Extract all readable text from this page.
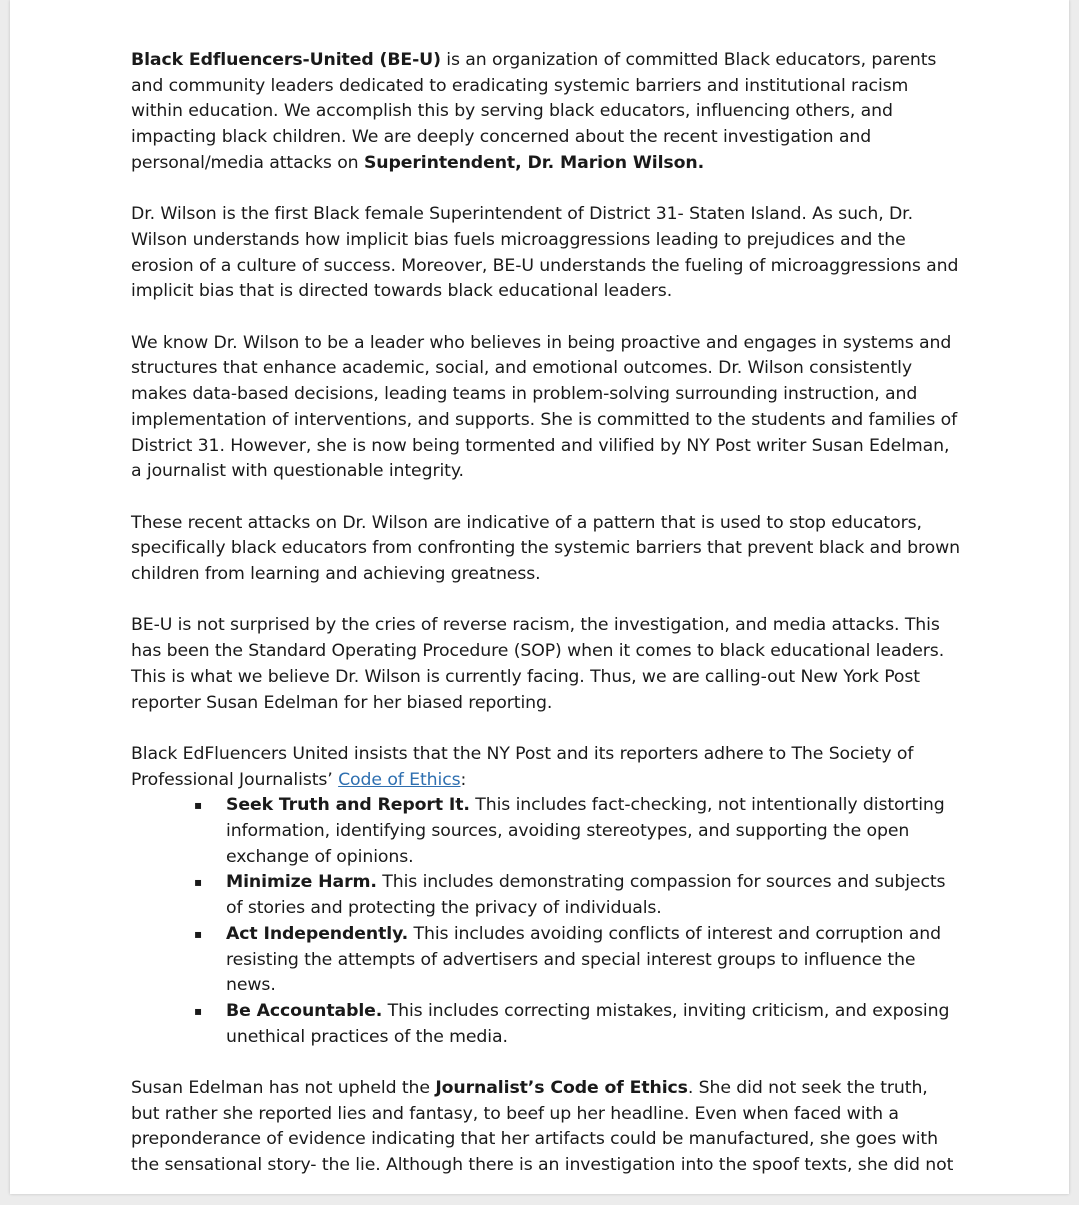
Black Edfluencers-United (BE-U) is an organization of committed Black educators, parents and community leaders dedicated to eradicating systemic barriers and institutional racism within education. We accomplish this by serving black educators, influencing others, and impacting black children. We are deeply concerned about the recent investigation and personal/media attacks on Superintendent, Dr. Marion Wilson.

Dr. Wilson is the first Black female Superintendent of District 31- Staten Island. As such, Dr. Wilson understands how implicit bias fuels microaggressions leading to prejudices and the erosion of a culture of success. Moreover, BE-U understands the fueling of microaggressions and implicit bias that is directed towards black educational leaders.

We know Dr. Wilson to be a leader who believes in being proactive and engages in systems and structures that enhance academic, social, and emotional outcomes. Dr. Wilson consistently makes data-based decisions, leading teams in problem-solving surrounding instruction, and implementation of interventions, and supports. She is committed to the students and families of District 31. However, she is now being tormented and vilified by NY Post writer Susan Edelman, a journalist with questionable integrity.

These recent attacks on Dr. Wilson are indicative of a pattern that is used to stop educators, specifically black educators from confronting the systemic barriers that prevent black and brown children from learning and achieving greatness.

BE-U is not surprised by the cries of reverse racism, the investigation, and media attacks. This has been the Standard Operating Procedure (SOP) when it comes to black educational leaders. This is what we believe Dr. Wilson is currently facing. Thus, we are calling-out New York Post reporter Susan Edelman for her biased reporting.

Black EdFluencers United insists that the NY Post and its reporters adhere to The Society of Professional Journalists’ Code of Ethics:

▪ Seek Truth and Report It. This includes fact-checking, not intentionally distorting information, identifying sources, avoiding stereotypes, and supporting the open exchange of opinions.
▪ Minimize Harm. This includes demonstrating compassion for sources and subjects of stories and protecting the privacy of individuals.
▪ Act Independently. This includes avoiding conflicts of interest and corruption and resisting the attempts of advertisers and special interest groups to influence the news.
▪ Be Accountable. This includes correcting mistakes, inviting criticism, and exposing unethical practices of the media.

Susan Edelman has not upheld the Journalist’s Code of Ethics. She did not seek the truth, but rather she reported lies and fantasy, to beef up her headline. Even when faced with a preponderance of evidence indicating that her artifacts could be manufactured, she goes with the sensational story- the lie. Although there is an investigation into the spoof texts, she did not
